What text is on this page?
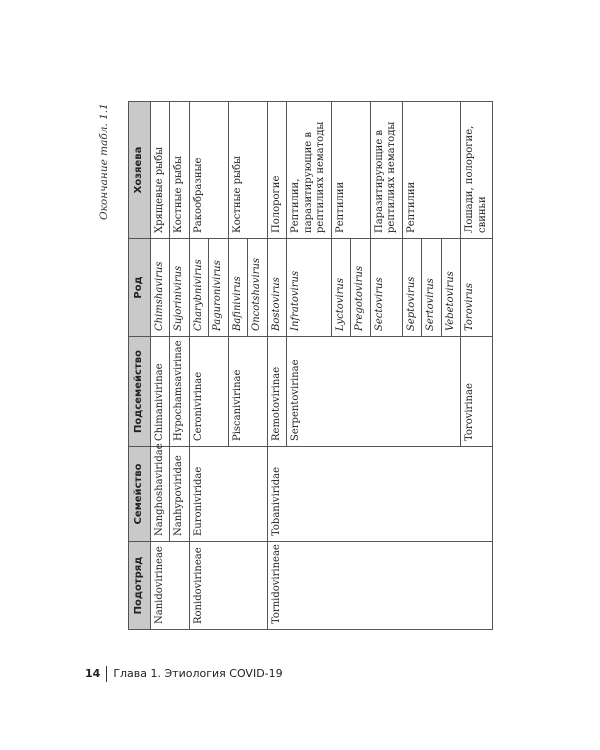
Окончание табл. 1.1
Подотряд	Семейство	Подсемейство	Род	Хозяева
Nanidovirineae	Nanghoshaviridae	Chimanivirinae	Chimshavirus	Хрящевые рыбы
	Nanhypoviridae	Hypochamsavirinae	Sujorinivirus	Костные рыбы
Ronidovirineae	Euroniviridae	Ceronivirinae	Charybnivirus	Ракообразные
			Paguronivirus	
		Piscanivirinae	Bafinivirus	Костные рыбы
			Oncotshavirus	
Tornidovirineae	Tobaniviridae	Remotovirinae	Bostovirus	Полорогие
		Serpentovirinae	Infratovirus	Рептилии, паразитирующие в рептилиях нематоды
			Lyctovirus	Рептилии
			Pregotovirus	
			Sectovirus	Паразитирующие в рептилиях нематоды
			Septovirus	Рептилии
			Sertovirus	
			Vebetovirus	
		Torovirinae	Torovirus	Лошади, полорогие, свиньи
14 Глава 1. Этиология COVID-19
